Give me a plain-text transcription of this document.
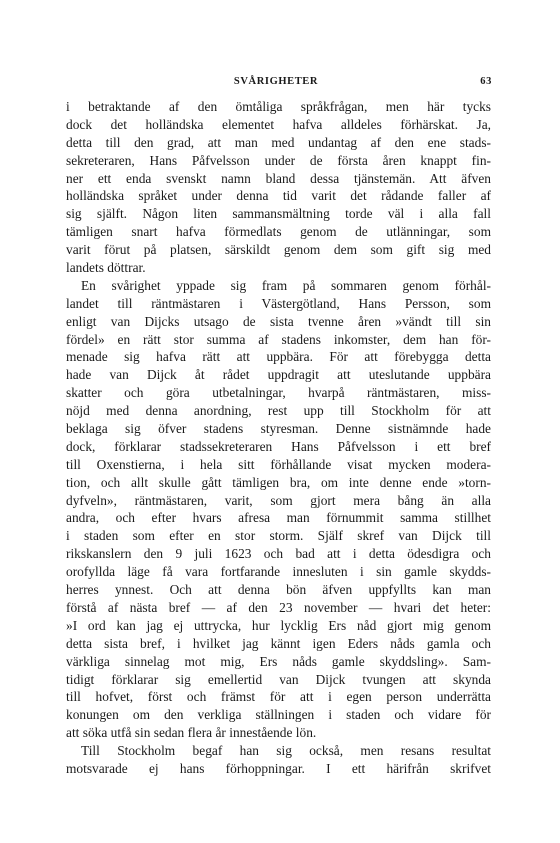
SVÅRIGHETER	63
i betraktande af den ömtåliga språkfrågan, men här tycks
dock det holländska elementet hafva alldeles förhärskat. Ja,
detta till den grad, att man med undantag af den ene stads-
sekreteraren, Hans Påfvelsson under de första åren knappt fin-
ner ett enda svenskt namn bland dessa tjänstemän. Att äfven
holländska språket under denna tid varit det rådande faller af
sig själft. Någon liten sammansmältning torde väl i alla fall
tämligen snart hafva förmedlats genom de utlänningar, som
varit förut på platsen, särskildt genom dem som gift sig med
landets döttrar.
En svårighet yppade sig fram på sommaren genom förhål-
landet till räntmästaren i Västergötland, Hans Persson, som
enligt van Dijcks utsago de sista tvenne åren »vändt till sin
fördel» en rätt stor summa af stadens inkomster, dem han för-
menade sig hafva rätt att uppbära. För att förebygga detta
hade van Dijck åt rådet uppdragit att uteslutande uppbära
skatter och göra utbetalningar, hvarpå räntmästaren, miss-
nöjd med denna anordning, rest upp till Stockholm för att
beklaga sig öfver stadens styresman. Denne sistnämnde hade
dock, förklarar stadssekreteraren Hans Påfvelsson i ett bref
till Oxenstierna, i hela sitt förhållande visat mycken modera-
tion, och allt skulle gått tämligen bra, om inte denne ende »torn-
dyfveln», räntmästaren, varit, som gjort mera bång än alla
andra, och efter hvars afresa man förnummit samma stillhet
i staden som efter en stor storm. Själf skref van Dijck till
rikskanslern den 9 juli 1623 och bad att i detta ödesdigra och
orofyllda läge få vara fortfarande innesluten i sin gamle skydds-
herres ynnest. Och att denna bön äfven uppfyllts kan man
förstå af nästa bref — af den 23 november — hvari det heter:
»I ord kan jag ej uttrycka, hur lycklig Ers nåd gjort mig genom
detta sista bref, i hvilket jag kännt igen Eders nåds gamla och
värkliga sinnelag mot mig, Ers nåds gamle skyddsling». Sam-
tidigt förklarar sig emellertid van Dijck tvungen att skynda
till hofvet, först och främst för att i egen person underrätta
konungen om den verkliga ställningen i staden och vidare för
att söka utfå sin sedan flera år innestående lön.
Till Stockholm begaf han sig också, men resans resultat
motsvarade ej hans förhoppningar. I ett härifrån skrifvet
